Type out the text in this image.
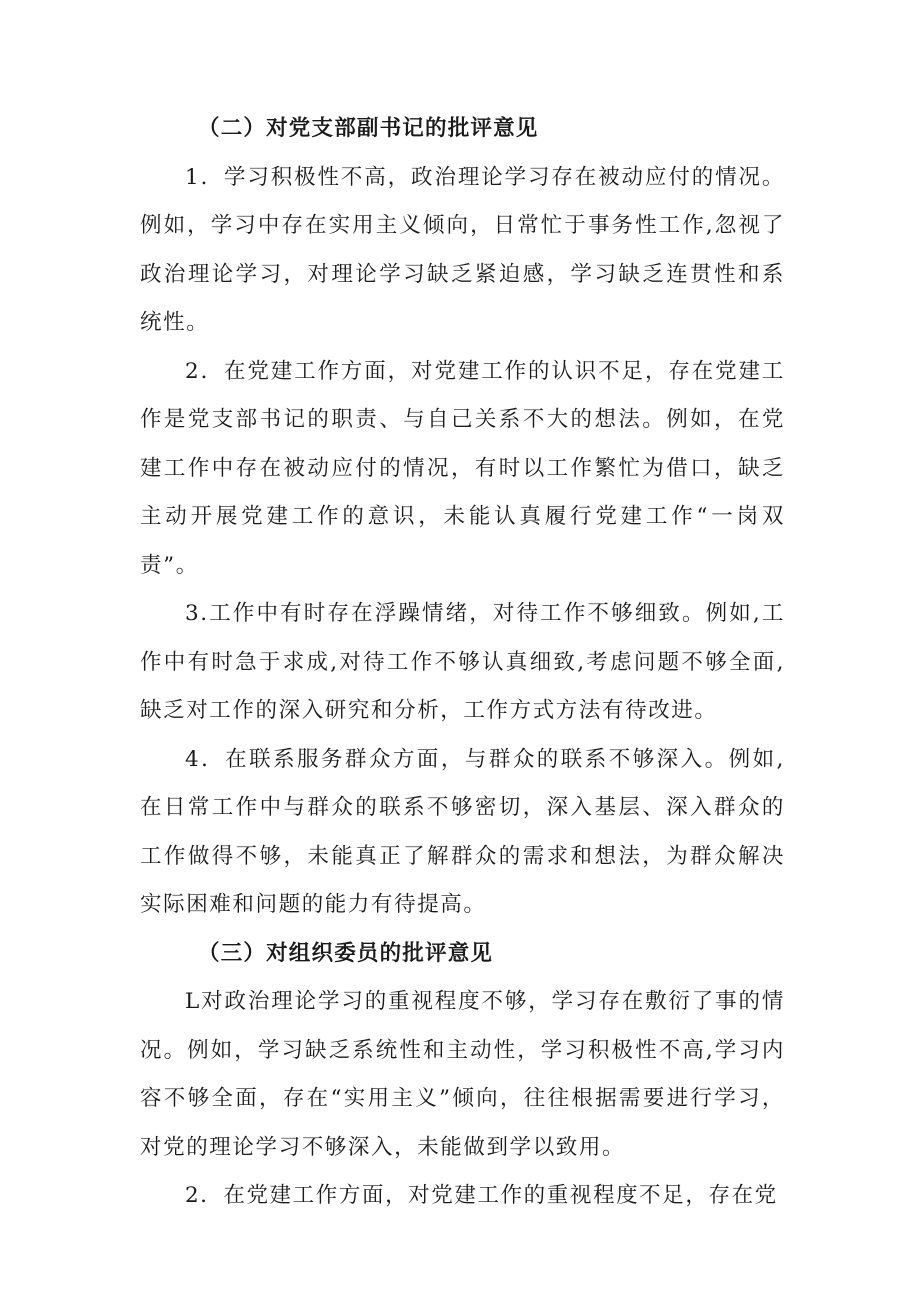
（二）对党支部副书记的批评意见

1．学习积极性不高，政治理论学习存在被动应付的情况。例如，学习中存在实用主义倾向，日常忙于事务性工作,忽视了政治理论学习，对理论学习缺乏紧迫感，学习缺乏连贯性和系统性。

2．在党建工作方面，对党建工作的认识不足，存在党建工作是党支部书记的职责、与自己关系不大的想法。例如，在党建工作中存在被动应付的情况，有时以工作繁忙为借口，缺乏主动开展党建工作的意识，未能认真履行党建工作“一岗双责”。

3.工作中有时存在浮躁情绪，对待工作不够细致。例如,工作中有时急于求成,对待工作不够认真细致,考虑问题不够全面,缺乏对工作的深入研究和分析，工作方式方法有待改进。

4．在联系服务群众方面，与群众的联系不够深入。例如,在日常工作中与群众的联系不够密切，深入基层、深入群众的工作做得不够，未能真正了解群众的需求和想法，为群众解决实际困难和问题的能力有待提高。

（三）对组织委员的批评意见

L对政治理论学习的重视程度不够，学习存在敷衍了事的情况。例如，学习缺乏系统性和主动性，学习积极性不高,学习内容不够全面，存在“实用主义”倾向，往往根据需要进行学习，对党的理论学习不够深入，未能做到学以致用。

2．在党建工作方面，对党建工作的重视程度不足，存在党
